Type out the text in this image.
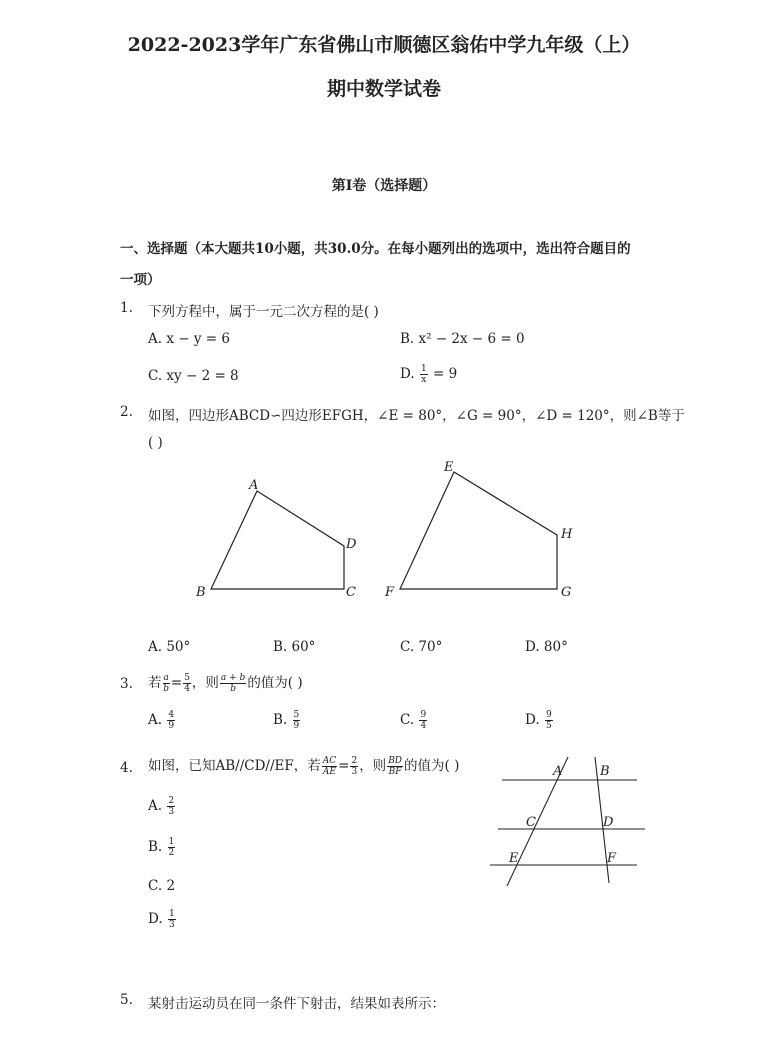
2022-2023学年广东省佛山市顺德区翁佑中学九年级（上）
期中数学试卷
第I卷（选择题）
一、选择题（本大题共10小题，共30.0分。在每小题列出的选项中，选出符合题目的
一项）
1. 下列方程中，属于一元二次方程的是( )
A. x − y = 6	B. x² − 2x − 6 = 0
C. xy − 2 = 8	D. $\frac{1}{x} = 9$
2. 如图，四边形ABCD∽四边形EFGH，∠E = 80°，∠G = 90°，∠D = 120°，则∠B等于
( )
A
B	C
D
E
F	G
H
A	B
C	D
E	F
A. 50°	B. 60°	C. 70°	D. 80°
3. 若 $\frac{a}{b} = \frac{5}{4}$ ，则 $\frac{a + b}{b}$ 的值为( )
A. $\frac{4}{9}$	B. $\frac{5}{9}$	C. $\frac{9}{4}$	D. $\frac{9}{5}$
4. 如图，已知AB//CD//EF，若 $\frac{AC}{AE} = \frac{2}{3}$ ，则 $\frac{BD}{BF}$ 的值为( )
A. $\frac{2}{3}$
B. $\frac{1}{2}$
C. 2
D. $\frac{1}{3}$
5. 某射击运动员在同一条件下射击，结果如表所示：
